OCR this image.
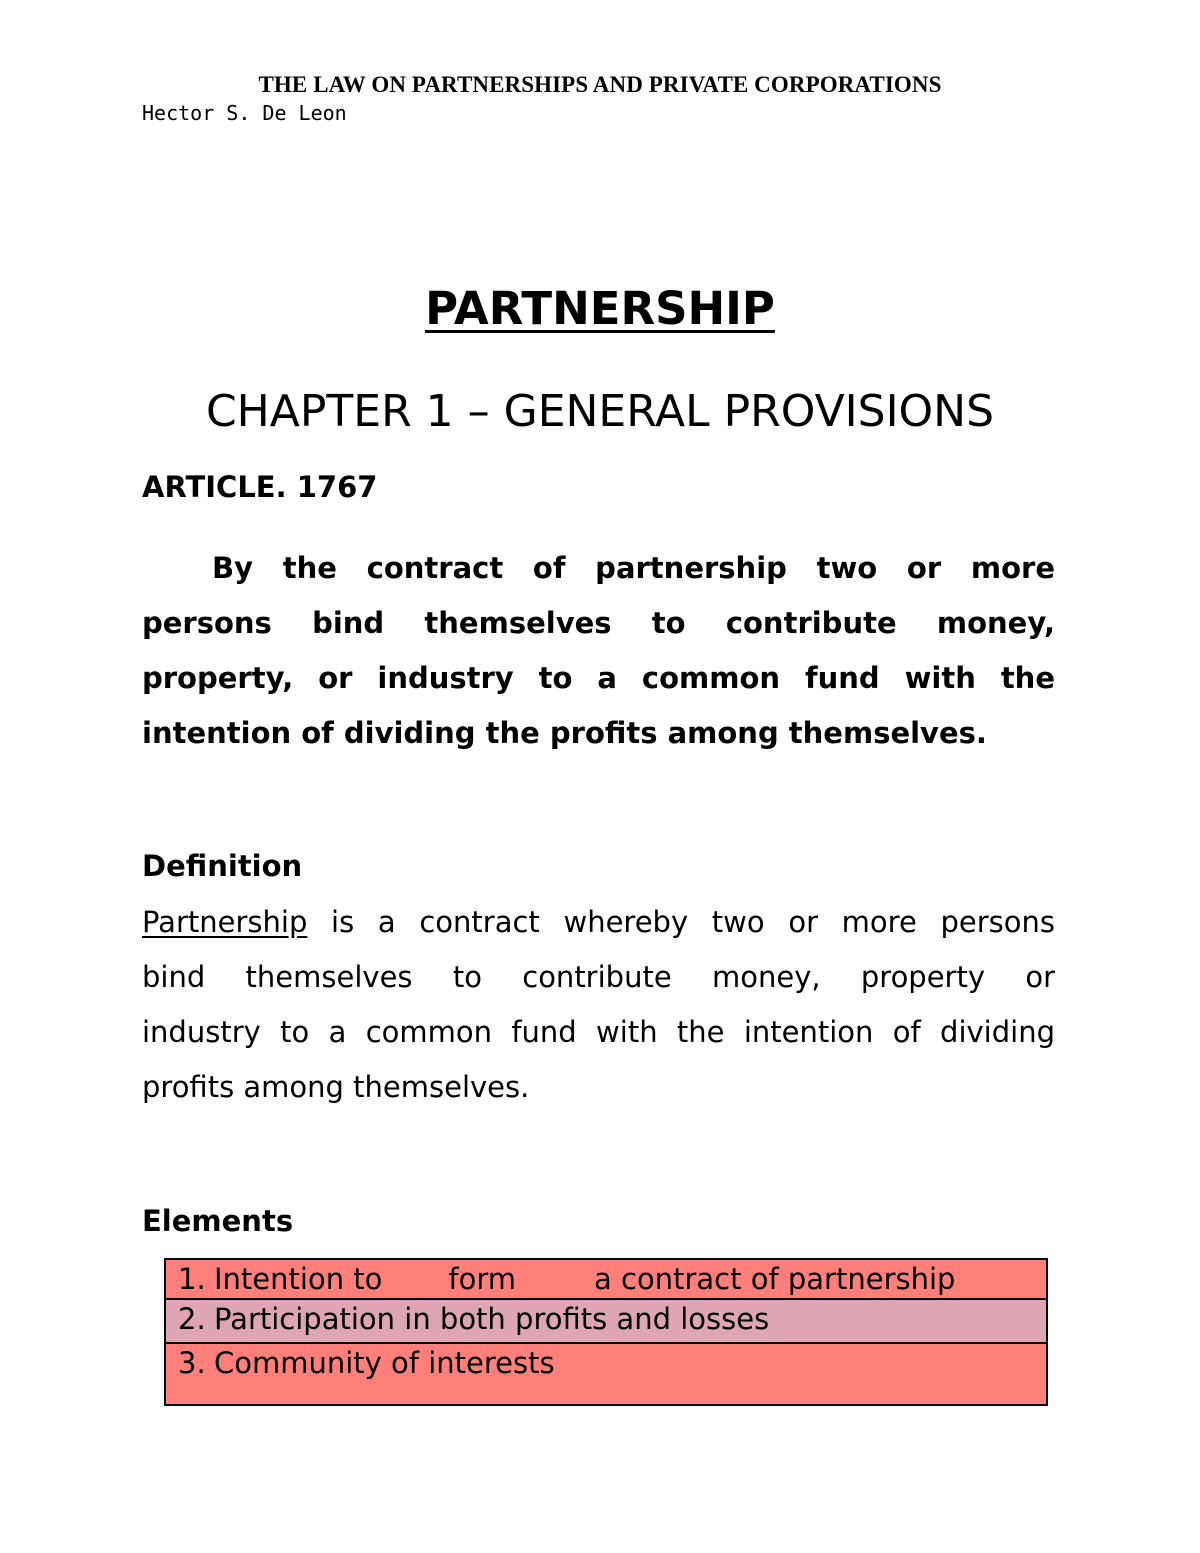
THE LAW ON PARTNERSHIPS AND PRIVATE CORPORATIONS
Hector S. De Leon
PARTNERSHIP
CHAPTER 1 – GENERAL PROVISIONS
ARTICLE. 1767
By the contract of partnership two or more
persons bind themselves to contribute money,
property, or industry to a common fund with the
intention of dividing the profits among themselves.
Definition
Partnership is a contract whereby two or more persons
bind themselves to contribute money, property or
industry to a common fund with the intention of dividing
profits among themselves.
Elements
1. Intention to form	a contract of partnership
2. Participation in both profits and losses
3. Community of interests
